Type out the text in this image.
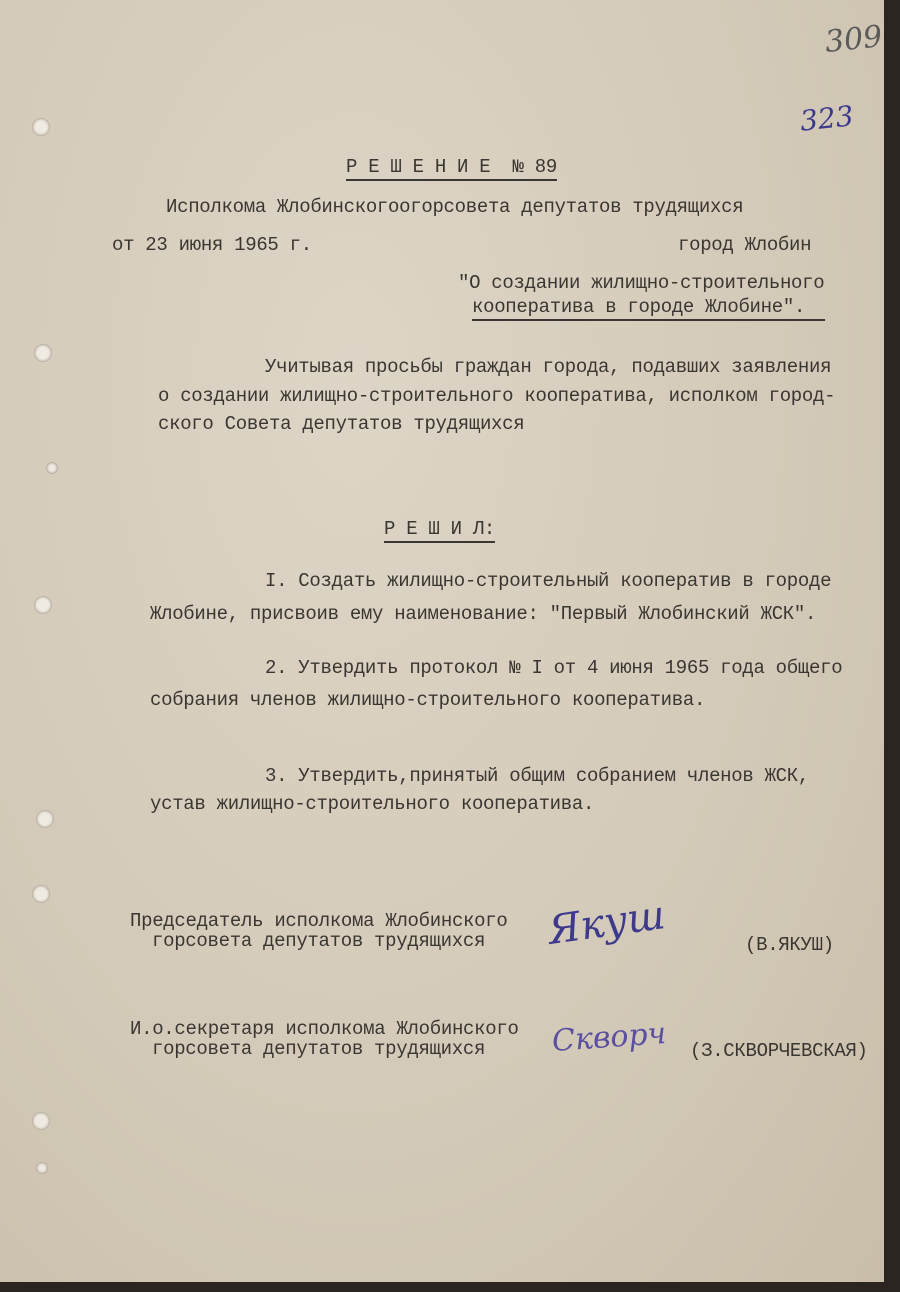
309
323
Р Е Ш Е Н И Е  № 89
Исполкома Жлобинскогоогорсовета депутатов трудящихся
от 23 июня 1965 г.	город Жлобин
"О создании жилищно-строительного
кооператива в городе Жлобине".
Учитывая просьбы граждан города, подавших заявления
о создании жилищно-строительного кооператива, исполком город-
ского Совета депутатов трудящихся
Р Е Ш И Л:
I. Создать жилищно-строительный кооператив в городе
Жлобине, присвоив ему наименование: "Первый Жлобинский ЖСК".
2. Утвердить протокол № I от 4 июня 1965 года общего
собрания членов жилищно-строительного кооператива.
3. Утвердить,принятый общим собранием членов ЖСК,
устав жилищно-строительного кооператива.
Председатель исполкома Жлобинского
горсовета депутатов трудящихся Якуш	(В.ЯКУШ)
И.о.секретаря исполкома Жлобинского
горсовета депутатов трудящихся Скворч (З.СКВОРЧЕВСКАЯ)
